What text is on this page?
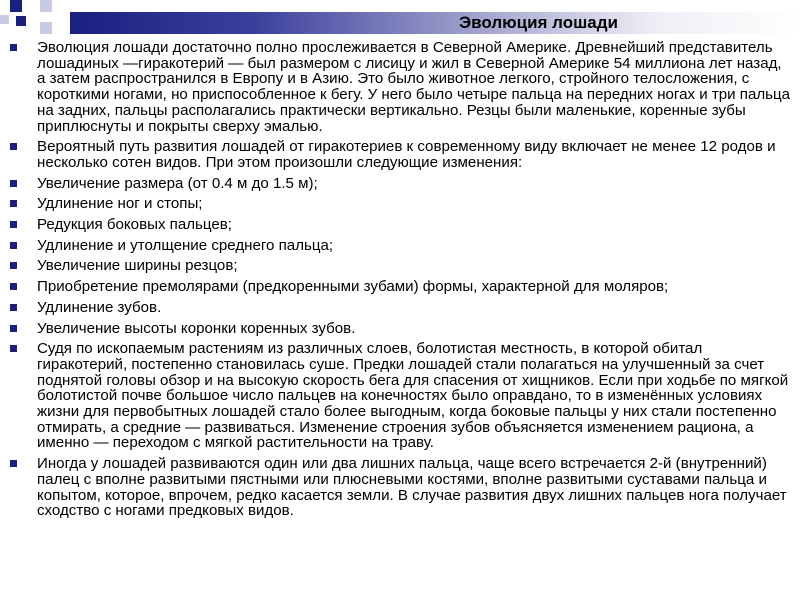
Эволюция лошади
Эволюция лошади достаточно полно прослеживается в Северной Америке. Древнейший представитель лошадиных —гиракотерий — был размером с лисицу и жил в Северной Америке 54 миллиона лет назад, а затем распространился в Европу и в Азию. Это было животное легкого, стройного телосложения, с короткими ногами, но приспособленное к бегу. У него было четыре пальца на передних ногах и три пальца на задних, пальцы располагались практически вертикально. Резцы были маленькие, коренные зубы приплюснуты и покрыты сверху эмалью.
Вероятный путь развития лошадей от гиракотериев к современному виду включает не менее 12 родов и несколько сотен видов. При этом произошли следующие изменения:
Увеличение размера (от 0.4 м до 1.5 м);
Удлинение ног и стопы;
Редукция боковых пальцев;
Удлинение и утолщение среднего пальца;
Увеличение ширины резцов;
Приобретение премолярами (предкоренными зубами) формы, характерной для моляров;
Удлинение зубов.
Увеличение высоты коронки коренных зубов.
Судя по ископаемым растениям из различных слоев, болотистая местность, в которой обитал гиракотерий, постепенно становилась суше. Предки лошадей стали полагаться на улучшенный за счет поднятой головы обзор и на высокую скорость бега для спасения от хищников. Если при ходьбе по мягкой болотистой почве большое число пальцев на конечностях было оправдано, то в изменённых условиях жизни для первобытных лошадей стало более выгодным, когда боковые пальцы у них стали постепенно отмирать, а средние — развиваться. Изменение строения зубов объясняется изменением рациона, а именно — переходом с мягкой растительности на траву.
Иногда у лошадей развиваются один или два лишних пальца, чаще всего встречается 2-й (внутренний) палец с вполне развитыми пястными или плюсневыми костями, вполне развитыми суставами пальца и копытом, которое, впрочем, редко касается земли. В случае развития двух лишних пальцев нога получает сходство с ногами предковых видов.
